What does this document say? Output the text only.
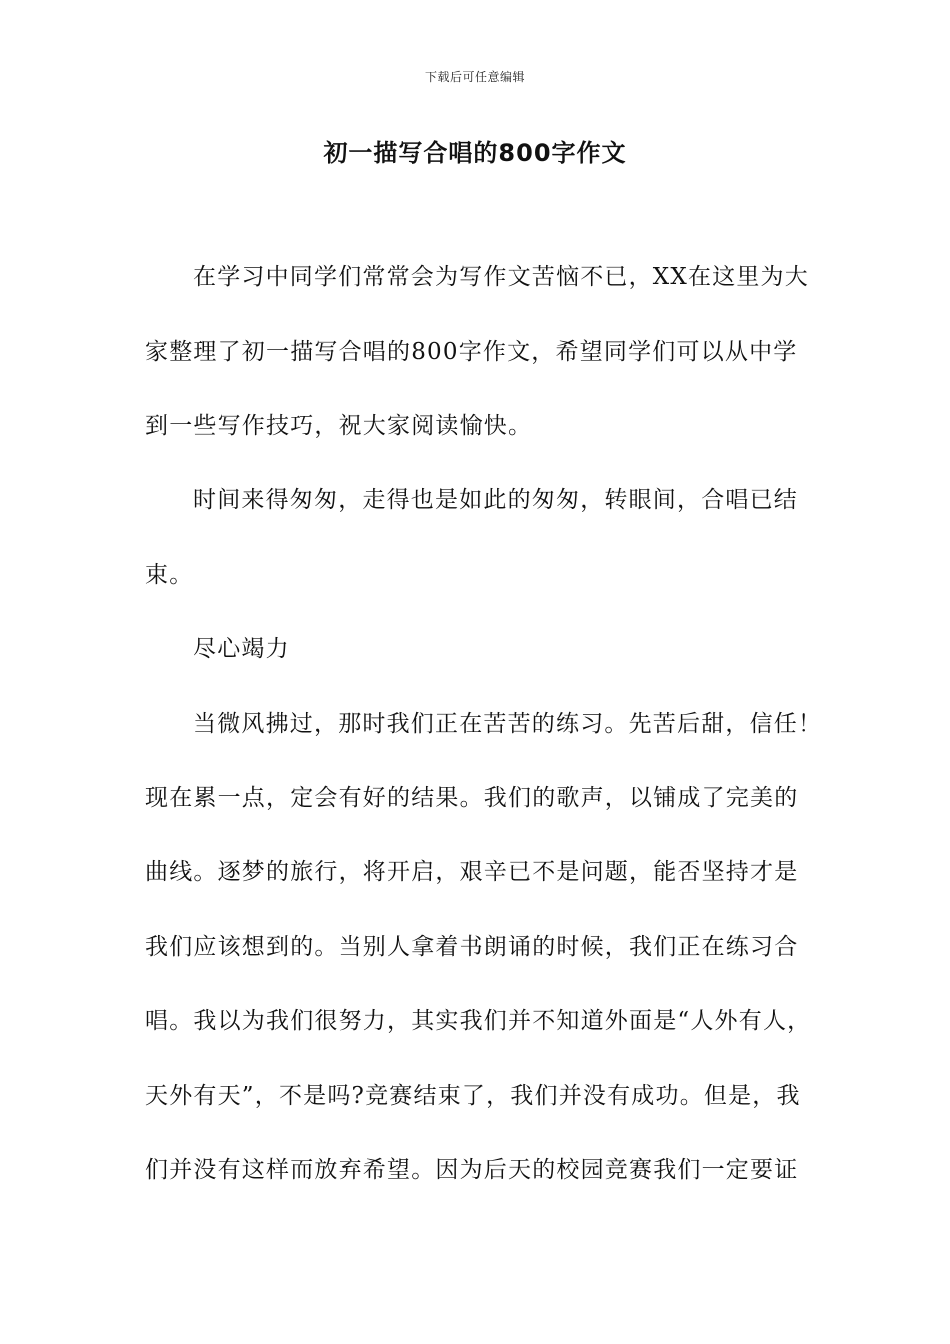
下载后可任意编辑
初一描写合唱的800字作文
在学习中同学们常常会为写作文苦恼不已，XX在这里为大
家整理了初一描写合唱的800字作文，希望同学们可以从中学
到一些写作技巧，祝大家阅读愉快。
时间来得匆匆，走得也是如此的匆匆，转眼间，合唱已结
束。
尽心竭力
当微风拂过，那时我们正在苦苦的练习。先苦后甜，信任！
现在累一点，定会有好的结果。我们的歌声，以铺成了完美的
曲线。逐梦的旅行，将开启，艰辛已不是问题，能否坚持才是
我们应该想到的。当别人拿着书朗诵的时候，我们正在练习合
唱。我以为我们很努力，其实我们并不知道外面是“人外有人，
天外有天”，不是吗?竞赛结束了，我们并没有成功。但是，我
们并没有这样而放弃希望。因为后天的校园竞赛我们一定要证
